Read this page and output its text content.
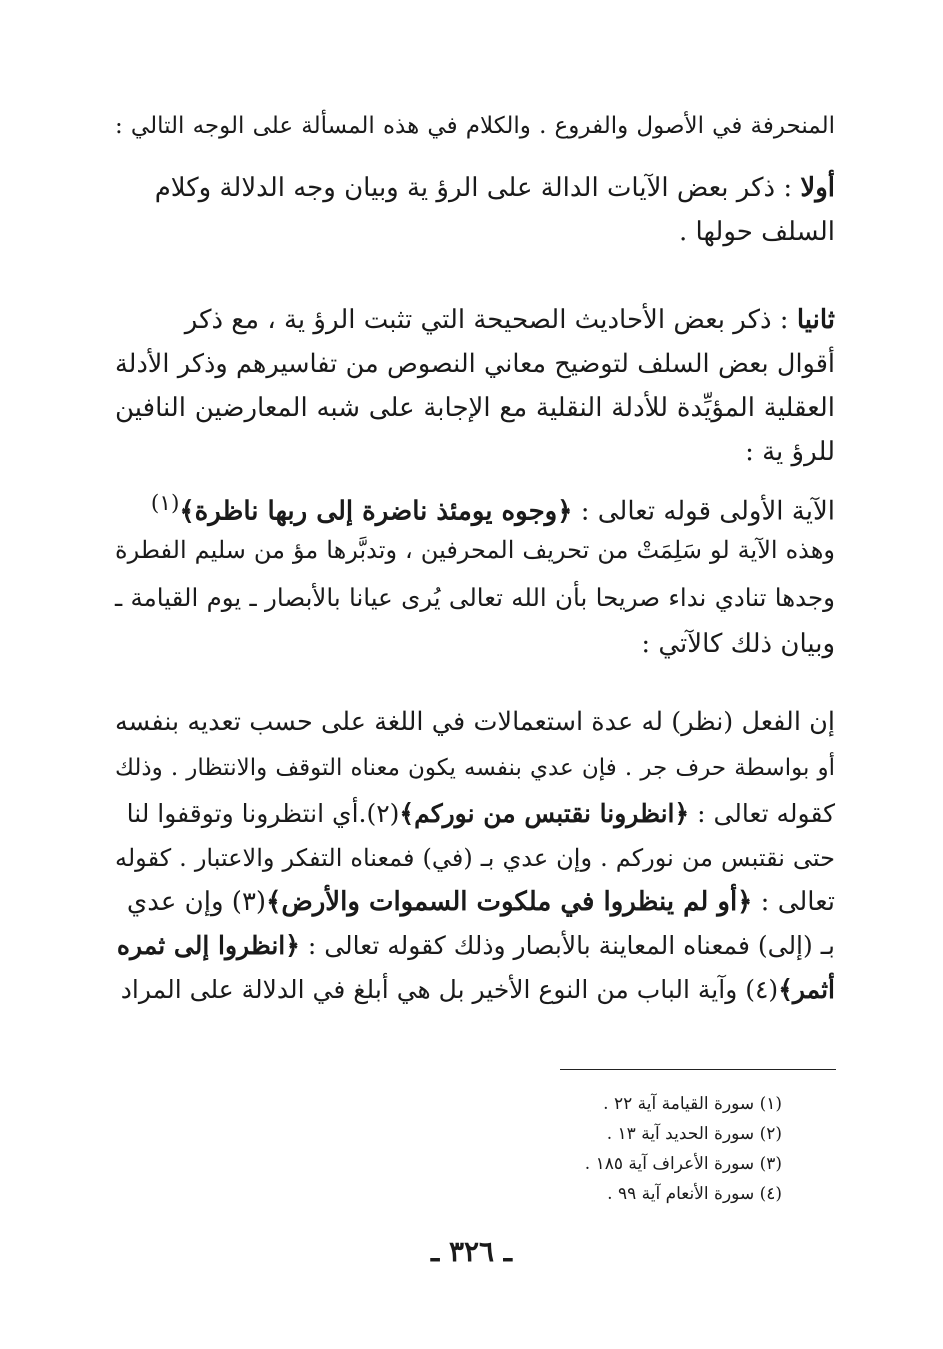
المنحرفة في الأصول والفروع . والكلام في هذه المسألة على الوجه التالي :
أولا : ذكر بعض الآيات الدالة على الرؤ ية وبيان وجه الدلالة وكلام
السلف حولها .
ثانيا : ذكر بعض الأحاديث الصحيحة التي تثبت الرؤ ية ، مع ذكر
أقوال بعض السلف لتوضيح معاني النصوص من تفاسيرهم وذكر الأدلة
العقلية المؤيِّدة للأدلة النقلية مع الإجابة على شبه المعارضين النافين
للرؤ ية :
الآية الأولى قوله تعالى : ﴿وجوه يومئذ ناضرة إلى ربها ناظرة﴾$^{(١)}$
وهذه الآية لو سَلِمَتْ من تحريف المحرفين ، وتدبَّرها مؤ من سليم الفطرة
وجدها تنادي نداء صريحا بأن الله تعالى يُرى عيانا بالأبصار ـ يوم القيامة ـ
وبيان ذلك كالآتي :
إن الفعل (نظر) له عدة استعمالات في اللغة على حسب تعديه بنفسه
أو بواسطة حرف جر . فإن عدي بنفسه يكون معناه التوقف والانتظار . وذلك
كقوله تعالى : ﴿انظرونا نقتبس من نوركم﴾(٢).أي انتظرونا وتوقفوا لنا
حتى نقتبس من نوركم . وإن عدي بـ (في) فمعناه التفكر والاعتبار . كقوله
تعالى : ﴿أو لم ينظروا في ملكوت السموات والأرض﴾(٣) وإن عدي
بـ (إلى) فمعناه المعاينة بالأبصار وذلك كقوله تعالى : ﴿انظروا إلى ثمره
أثمر﴾(٤) وآية الباب من النوع الأخير بل هي أبلغ في الدلالة على المراد
(١) سورة القيامة آية ٢٢ .
(٢) سورة الحديد آية ١٣ .
(٣) سورة الأعراف آية ١٨٥ .
(٤) سورة الأنعام آية ٩٩ .
ـ ٣٢٦ ـ
